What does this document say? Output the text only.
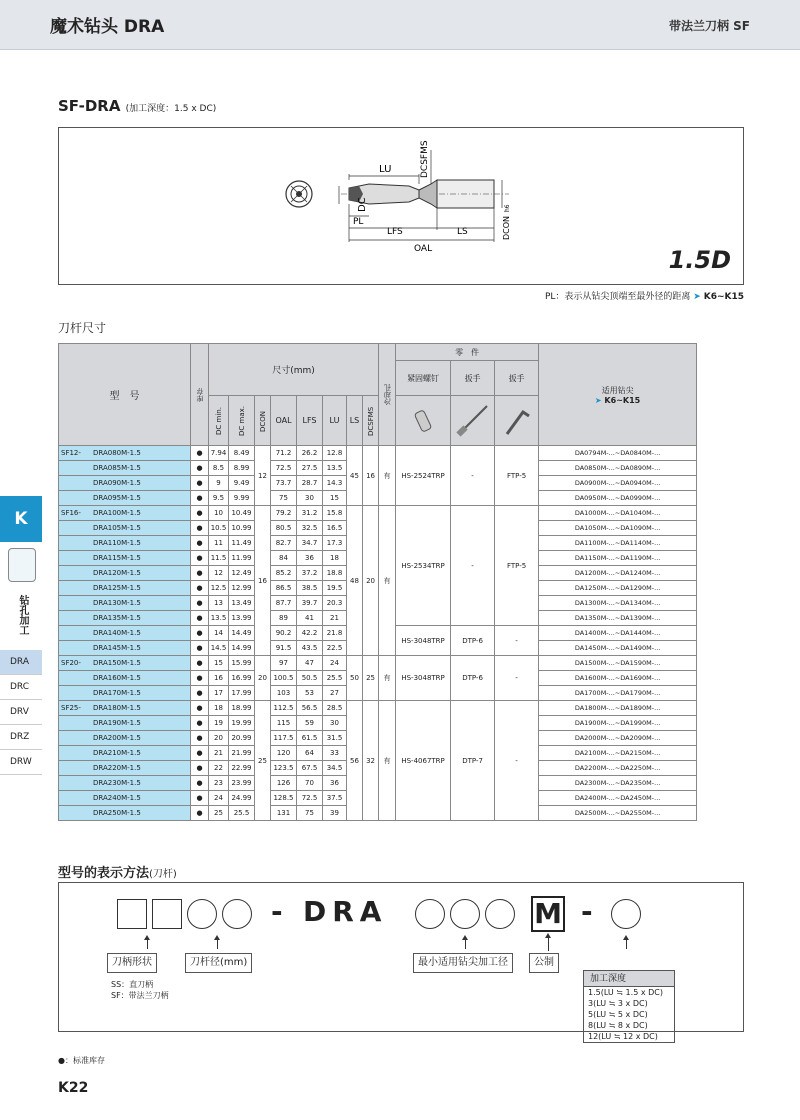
魔术钻头 DRA	带法兰刀柄 SF
SF-DRA (加工深度：1.5 x DC)
LU	DCSFMS
DC
PL
LFS	LS
OAL
DCON
h6
1.5D
PL：表示从钻尖顶端至最外径的距离 ➤ K6~K15
刀杆尺寸
型　号	库存	尺寸(mm)								冷却孔	零　件			适用钻尖
➤ K6~K15

											紧固螺钉	扳手	扳手	
		DC min.	DC max.	DCON	OAL	LFS	LU	LS	DCSFMS			
SF12- DRA080M-1.5	●	7.94	8.49	12	71.2	26.2	12.8	45	16	有	HS-2524TRP	-	FTP-5	DA0794M-...~DA0840M-...
DRA085M-1.5	●	8.5	8.99		72.5	27.5	13.5							DA0850M-...~DA0890M-...
DRA090M-1.5	●	9	9.49		73.7	28.7	14.3							DA0900M-...~DA0940M-...
DRA095M-1.5	●	9.5	9.99		75	30	15							DA0950M-...~DA0990M-...
SF16- DRA100M-1.5	●	10	10.49	16	79.2	31.2	15.8	48	20	有	HS-2534TRP	-	FTP-5	DA1000M-...~DA1040M-...
DRA105M-1.5	●	10.5	10.99		80.5	32.5	16.5							DA1050M-...~DA1090M-...
DRA110M-1.5	●	11	11.49		82.7	34.7	17.3							DA1100M-...~DA1140M-...
DRA115M-1.5	●	11.5	11.99		84	36	18							DA1150M-...~DA1190M-...
DRA120M-1.5	●	12	12.49		85.2	37.2	18.8							DA1200M-...~DA1240M-...
DRA125M-1.5	●	12.5	12.99		86.5	38.5	19.5							DA1250M-...~DA1290M-...
DRA130M-1.5	●	13	13.49		87.7	39.7	20.3							DA1300M-...~DA1340M-...
DRA135M-1.5	●	13.5	13.99		89	41	21							DA1350M-...~DA1390M-...
DRA140M-1.5	●	14	14.49		90.2	42.2	21.8				HS-3048TRP	DTP-6	-	DA1400M-...~DA1440M-...
DRA145M-1.5	●	14.5	14.99		91.5	43.5	22.5							DA1450M-...~DA1490M-...
SF20- DRA150M-1.5	●	15	15.99	20	97	47	24	50	25	有	HS-3048TRP	DTP-6	-	DA1500M-...~DA1590M-...
DRA160M-1.5	●	16	16.99		100.5	50.5	25.5							DA1600M-...~DA1690M-...
DRA170M-1.5	●	17	17.99		103	53	27							DA1700M-...~DA1790M-...
SF25- DRA180M-1.5	●	18	18.99	25	112.5	56.5	28.5	56	32	有	HS-4067TRP	DTP-7	-	DA1800M-...~DA1890M-...
DRA190M-1.5	●	19	19.99		115	59	30							DA1900M-...~DA1990M-...
DRA200M-1.5	●	20	20.99		117.5	61.5	31.5							DA2000M-...~DA2090M-...
DRA210M-1.5	●	21	21.99		120	64	33							DA2100M-...~DA2150M-...
DRA220M-1.5	●	22	22.99		123.5	67.5	34.5							DA2200M-...~DA2250M-...
DRA230M-1.5	●	23	23.99		126	70	36							DA2300M-...~DA2350M-...
DRA240M-1.5	●	24	24.99		128.5	72.5	37.5							DA2400M-...~DA2450M-...
DRA250M-1.5	●	25	25.5		131	75	39							DA2500M-...~DA2550M-...
K
钻孔加工
DRA
DRC
DRV
DRZ
DRW
型号的表示方法(刀杆)
- DRA	M -
刀柄形状	刀杆径(mm)	最小适用钻尖加工径	公制
SS：直刀柄
SF：带法兰刀柄
加工深度
1.5(LU ≒ 1.5 x DC)
3(LU ≒ 3 x DC)
5(LU ≒ 5 x DC)
8(LU ≒ 8 x DC)
12(LU ≒ 12 x DC)
●：标准库存
K22
